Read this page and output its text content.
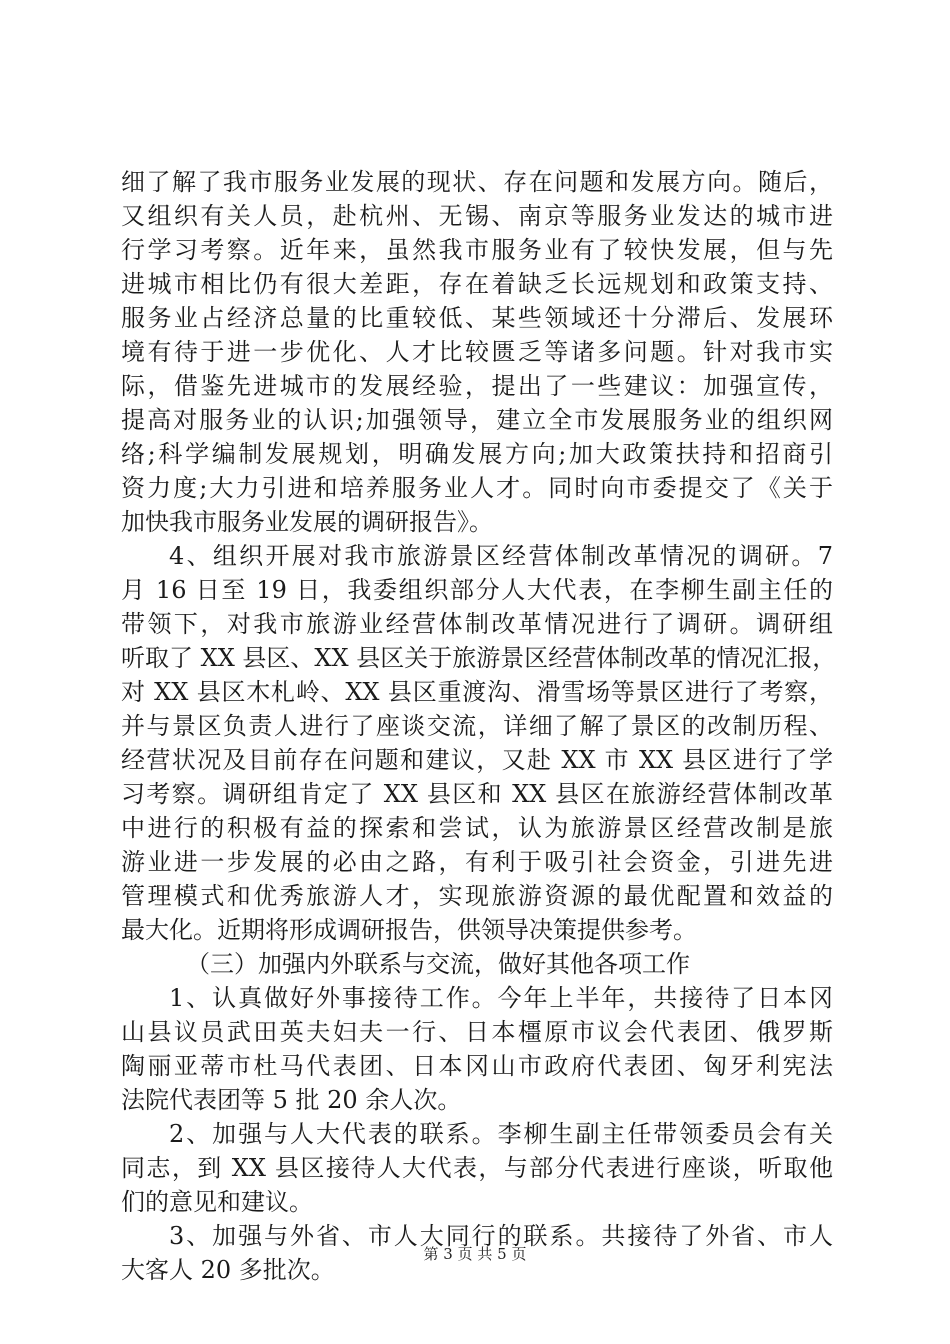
细了解了我市服务业发展的现状、存在问题和发展方向。随后，
又组织有关人员，赴杭州、无锡、南京等服务业发达的城市进
行学习考察。近年来，虽然我市服务业有了较快发展，但与先
进城市相比仍有很大差距，存在着缺乏长远规划和政策支持、
服务业占经济总量的比重较低、某些领域还十分滞后、发展环
境有待于进一步优化、人才比较匮乏等诸多问题。针对我市实
际，借鉴先进城市的发展经验，提出了一些建议：加强宣传，
提高对服务业的认识;加强领导，建立全市发展服务业的组织网
络;科学编制发展规划，明确发展方向;加大政策扶持和招商引
资力度;大力引进和培养服务业人才。同时向市委提交了《关于
加快我市服务业发展的调研报告》。
4、组织开展对我市旅游景区经营体制改革情况的调研。7
月 16 日至 19 日，我委组织部分人大代表，在李柳生副主任的
带领下，对我市旅游业经营体制改革情况进行了调研。调研组
听取了 XX 县区、XX 县区关于旅游景区经营体制改革的情况汇报，
对 XX 县区木札岭、XX 县区重渡沟、滑雪场等景区进行了考察，
并与景区负责人进行了座谈交流，详细了解了景区的改制历程、
经营状况及目前存在问题和建议，又赴 XX 市 XX 县区进行了学
习考察。调研组肯定了 XX 县区和 XX 县区在旅游经营体制改革
中进行的积极有益的探索和尝试，认为旅游景区经营改制是旅
游业进一步发展的必由之路，有利于吸引社会资金，引进先进
管理模式和优秀旅游人才，实现旅游资源的最优配置和效益的
最大化。近期将形成调研报告，供领导决策提供参考。
（三）加强内外联系与交流，做好其他各项工作
1、认真做好外事接待工作。今年上半年，共接待了日本冈
山县议员武田英夫妇夫一行、日本橿原市议会代表团、俄罗斯
陶丽亚蒂市杜马代表团、日本冈山市政府代表团、匈牙利宪法
法院代表团等 5 批 20 余人次。
2、加强与人大代表的联系。李柳生副主任带领委员会有关
同志，到 XX 县区接待人大代表，与部分代表进行座谈，听取他
们的意见和建议。
3、加强与外省、市人大同行的联系。共接待了外省、市人
大客人 20 多批次。
第 3 页 共 5 页
